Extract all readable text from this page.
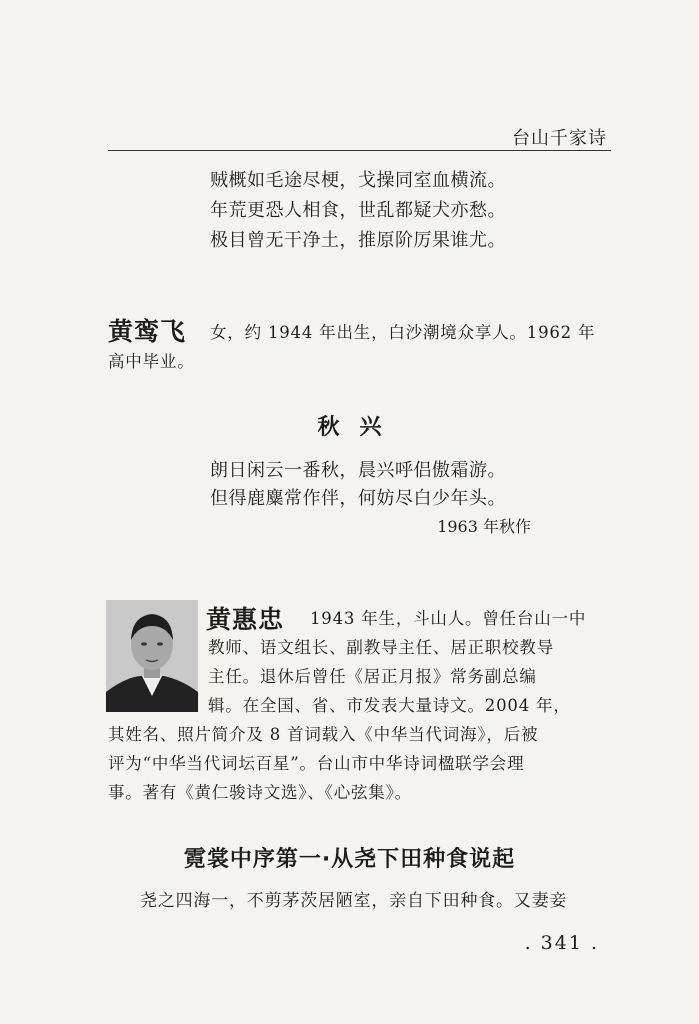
台山千家诗
贼概如毛途尽梗，戈操同室血横流。
年荒更恐人相食，世乱都疑犬亦愁。
极目曾无干净土，推原阶厉果谁尤。
黄鸾飞 女，约 1944 年出生，白沙潮境众享人。1962 年
高中毕业。
秋兴
朗日闲云一番秋，晨兴呼侣傲霜游。
但得鹿麋常作伴，何妨尽白少年头。
1963 年秋作
黄惠忠 1943 年生，斗山人。曾任台山一中
教师、语文组长、副教导主任、居正职校教导
主任。退休后曾任《居正月报》常务副总编
辑。在全国、省、市发表大量诗文。2004 年，
其姓名、照片简介及 8 首词载入《中华当代词海》，后被
评为“中华当代词坛百星”。台山市中华诗词楹联学会理
事。著有《黄仁骏诗文选》、《心弦集》。
霓裳中序第一·从尧下田种食说起
尧之四海一，不剪茅茨居陋室，亲自下田种食。又妻妾
. 341 .
